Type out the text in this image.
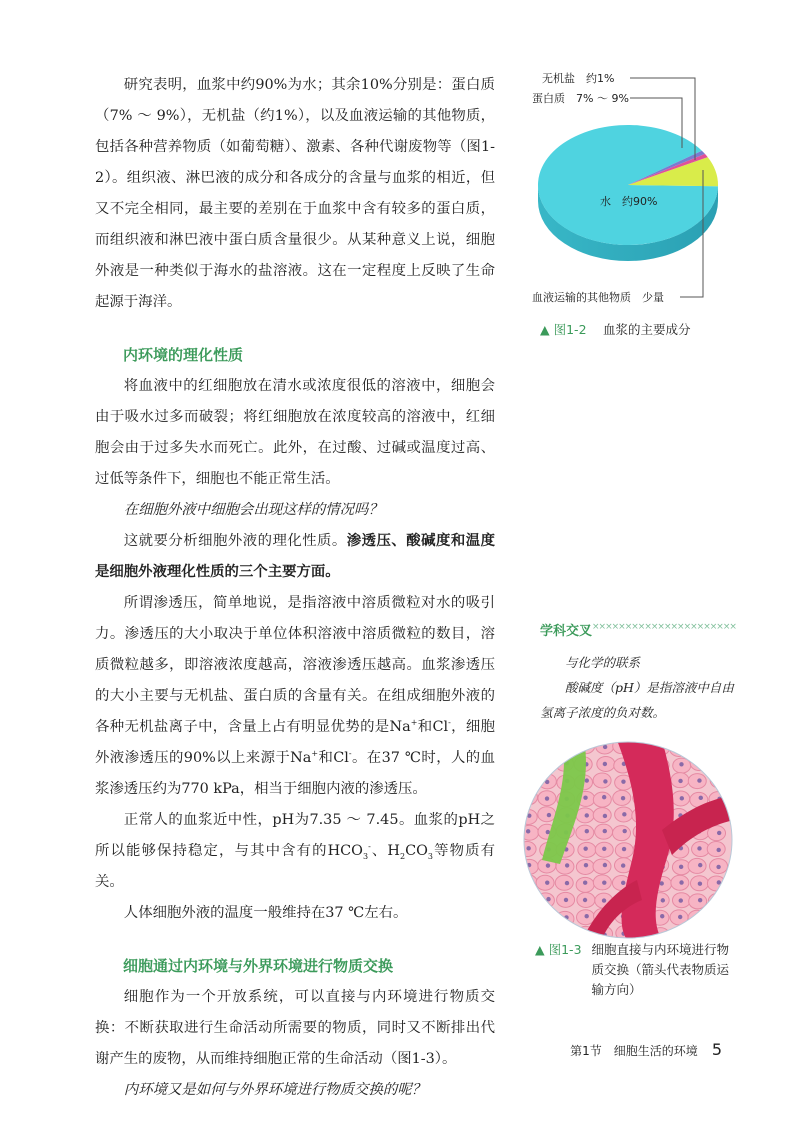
研究表明，血浆中约90%为水；其余10%分别是：蛋白质（7% ～ 9%），无机盐（约1%），以及血液运输的其他物质，包括各种营养物质（如葡萄糖）、激素、各种代谢废物等（图1-2）。组织液、淋巴液的成分和各成分的含量与血浆的相近，但又不完全相同，最主要的差别在于血浆中含有较多的蛋白质，而组织液和淋巴液中蛋白质含量很少。从某种意义上说，细胞外液是一种类似于海水的盐溶液。这在一定程度上反映了生命起源于海洋。

内环境的理化性质

将血液中的红细胞放在清水或浓度很低的溶液中，细胞会由于吸水过多而破裂；将红细胞放在浓度较高的溶液中，红细胞会由于过多失水而死亡。此外，在过酸、过碱或温度过高、过低等条件下，细胞也不能正常生活。

在细胞外液中细胞会出现这样的情况吗？

这就要分析细胞外液的理化性质。渗透压、酸碱度和温度是细胞外液理化性质的三个主要方面。

所谓渗透压，简单地说，是指溶液中溶质微粒对水的吸引力。渗透压的大小取决于单位体积溶液中溶质微粒的数目，溶质微粒越多，即溶液浓度越高，溶液渗透压越高。血浆渗透压的大小主要与无机盐、蛋白质的含量有关。在组成细胞外液的各种无机盐离子中，含量上占有明显优势的是Na+和Cl-，细胞外液渗透压的90%以上来源于Na+和Cl-。在37 ℃时，人的血浆渗透压约为770 kPa，相当于细胞内液的渗透压。

正常人的血浆近中性，pH为7.35 ～ 7.45。血浆的pH之所以能够保持稳定，与其中含有的$HCO_3^-$、$H_2CO_3$等物质有关。

人体细胞外液的温度一般维持在37 ℃左右。

细胞通过内环境与外界环境进行物质交换

细胞作为一个开放系统，可以直接与内环境进行物质交换：不断获取进行生命活动所需要的物质，同时又不断排出代谢产生的废物，从而维持细胞正常的生命活动（图1-3）。

内环境又是如何与外界环境进行物质交换的呢？

无机盐　约1%
蛋白质　7% ～ 9%
水　约90%
血液运输的其他物质　少量
▲ 图1-2　 血浆的主要成分
学科交叉 ××××××××××××××××××××××

与化学的联系

酸碱度（pH）是指溶液中自由氢离子浓度的负对数。

▲ 图1-3 细胞直接与内环境进行物质交换（箭头代表物质运输方向）
第1节　细胞生活的环境 5
